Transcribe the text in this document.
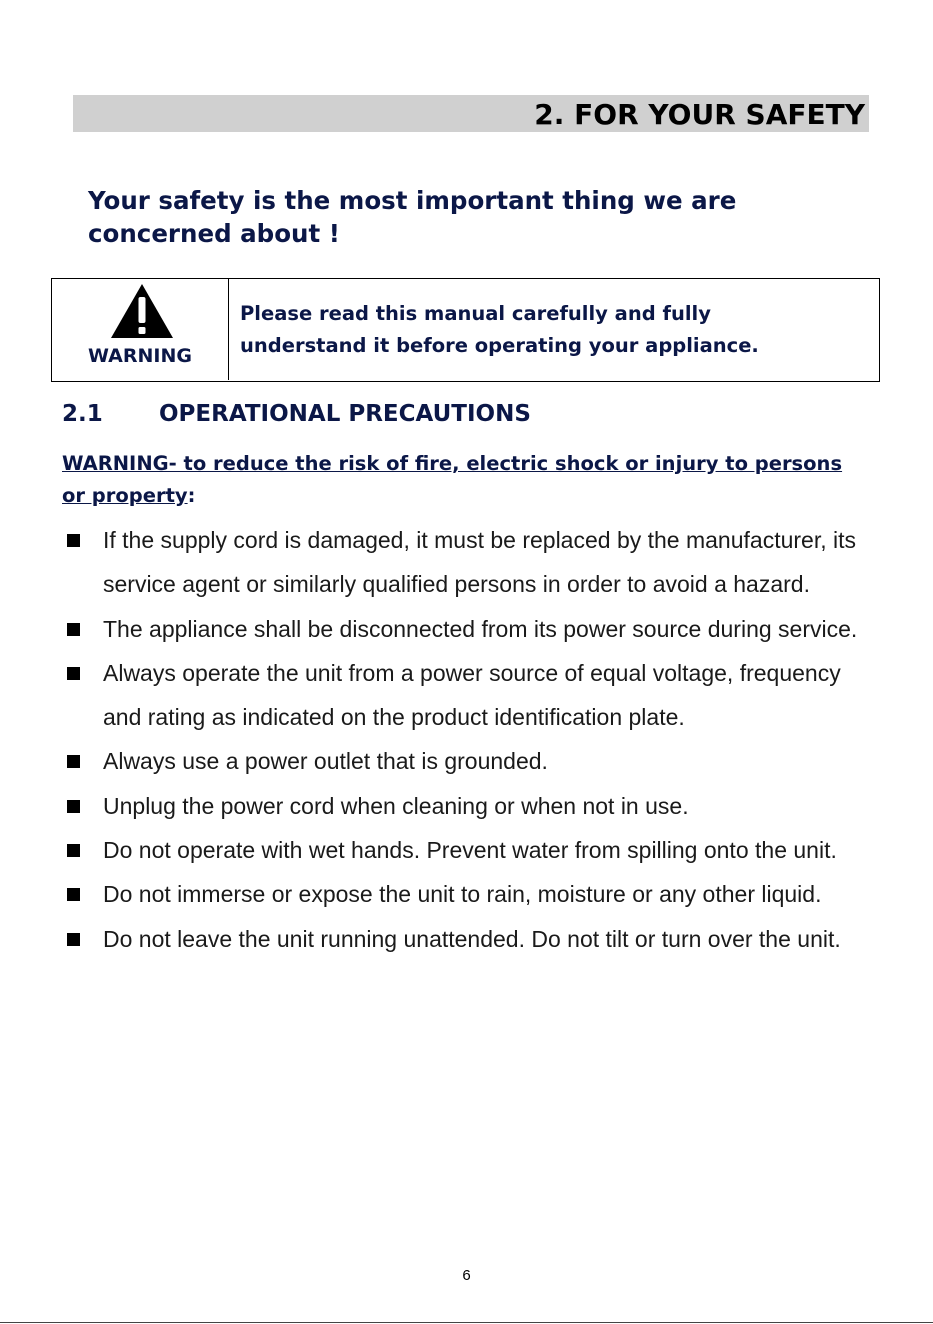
2. FOR YOUR SAFETY
Your safety is the most important thing we are concerned about !
WARNING
Please read this manual carefully and fully
understand it before operating your appliance.
2.1 OPERATIONAL PRECAUTIONS
WARNING- to reduce the risk of fire, electric shock or injury to persons or property:
If the supply cord is damaged, it must be replaced by the manufacturer, its service agent or similarly qualified persons in order to avoid a hazard.
The appliance shall be disconnected from its power source during service.
Always operate the unit from a power source of equal voltage, frequency and rating as indicated on the product identification plate.
Always use a power outlet that is grounded.
Unplug the power cord when cleaning or when not in use.
Do not operate with wet hands. Prevent water from spilling onto the unit.
Do not immerse or expose the unit to rain, moisture or any other liquid.
Do not leave the unit running unattended. Do not tilt or turn over the unit.
6
